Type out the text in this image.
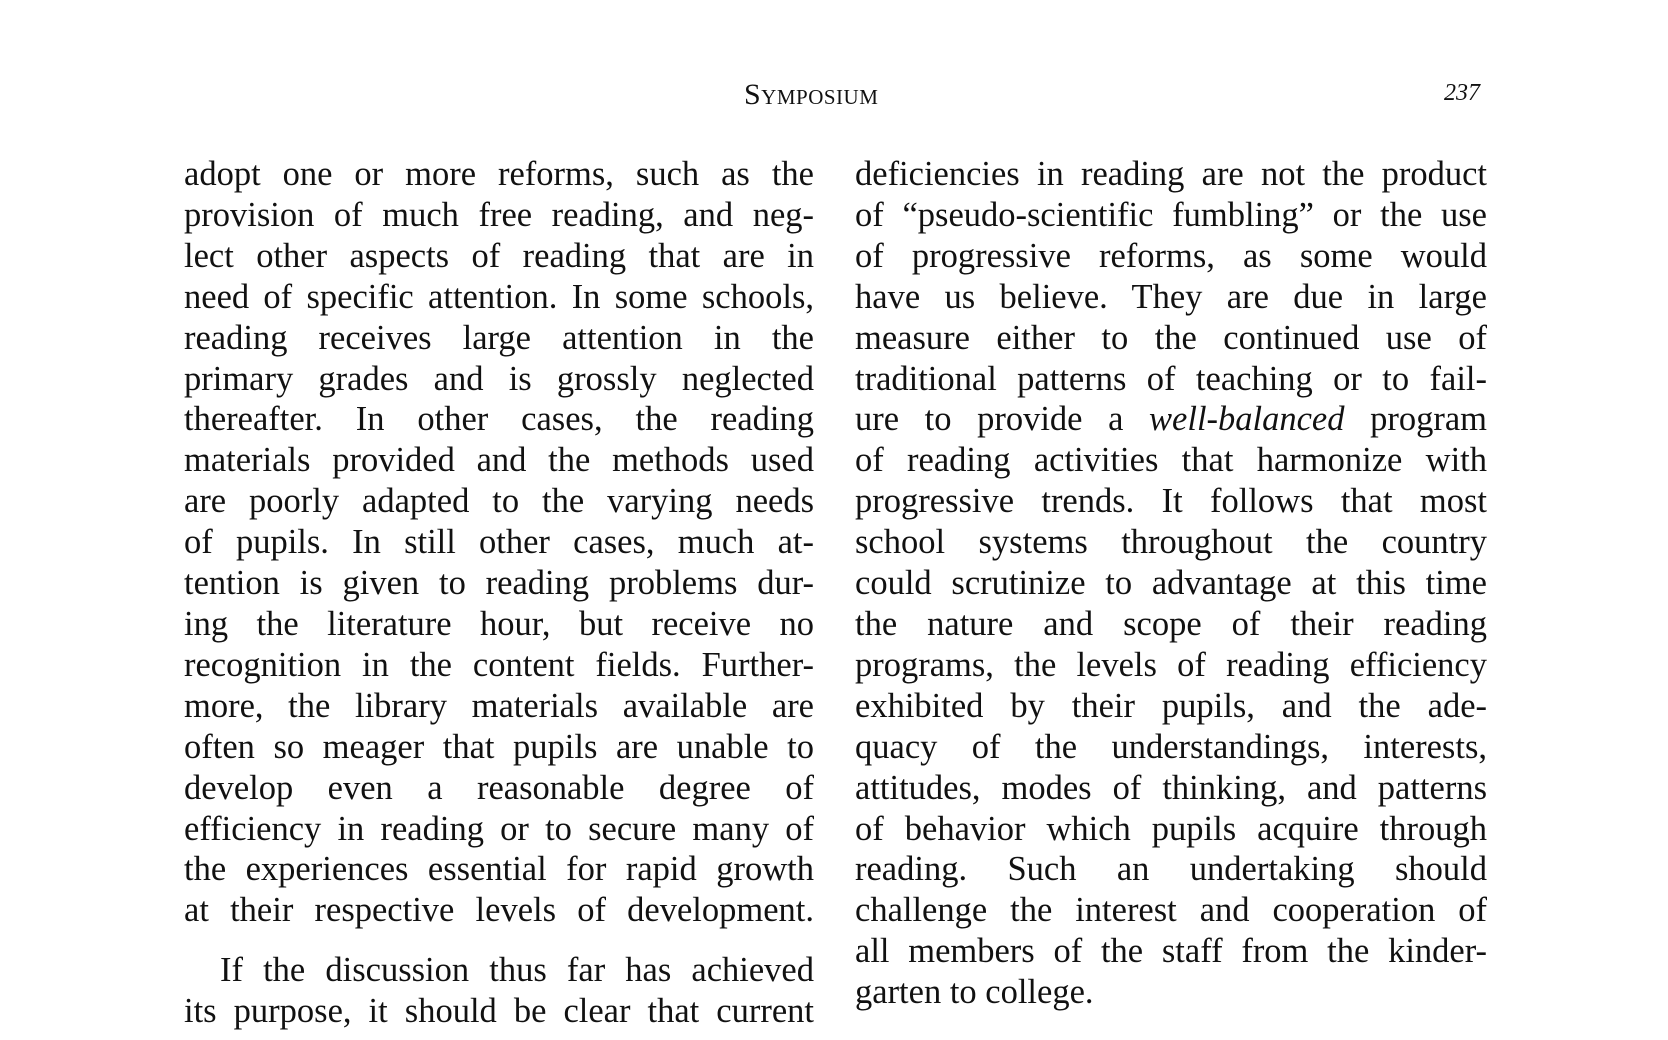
Symposium	237
adopt one or more reforms, such as the
provision of much free reading, and neg-
lect other aspects of reading that are in
need of specific attention. In some schools,
reading receives large attention in the
primary grades and is grossly neglected
thereafter. In other cases, the reading
materials provided and the methods used
are poorly adapted to the varying needs
of pupils. In still other cases, much at-
tention is given to reading problems dur-
ing the literature hour, but receive no
recognition in the content fields. Further-
more, the library materials available are
often so meager that pupils are unable to
develop even a reasonable degree of
efficiency in reading or to secure many of
the experiences essential for rapid growth
at their respective levels of development.
If the discussion thus far has achieved
its purpose, it should be clear that current
deficiencies in reading are not the product
of “pseudo-scientific fumbling” or the use
of progressive reforms, as some would
have us believe. They are due in large
measure either to the continued use of
traditional patterns of teaching or to fail-
ure to provide a well-balanced program
of reading activities that harmonize with
progressive trends. It follows that most
school systems throughout the country
could scrutinize to advantage at this time
the nature and scope of their reading
programs, the levels of reading efficiency
exhibited by their pupils, and the ade-
quacy of the understandings, interests,
attitudes, modes of thinking, and patterns
of behavior which pupils acquire through
reading. Such an undertaking should
challenge the interest and cooperation of
all members of the staff from the kinder-
garten to college.
